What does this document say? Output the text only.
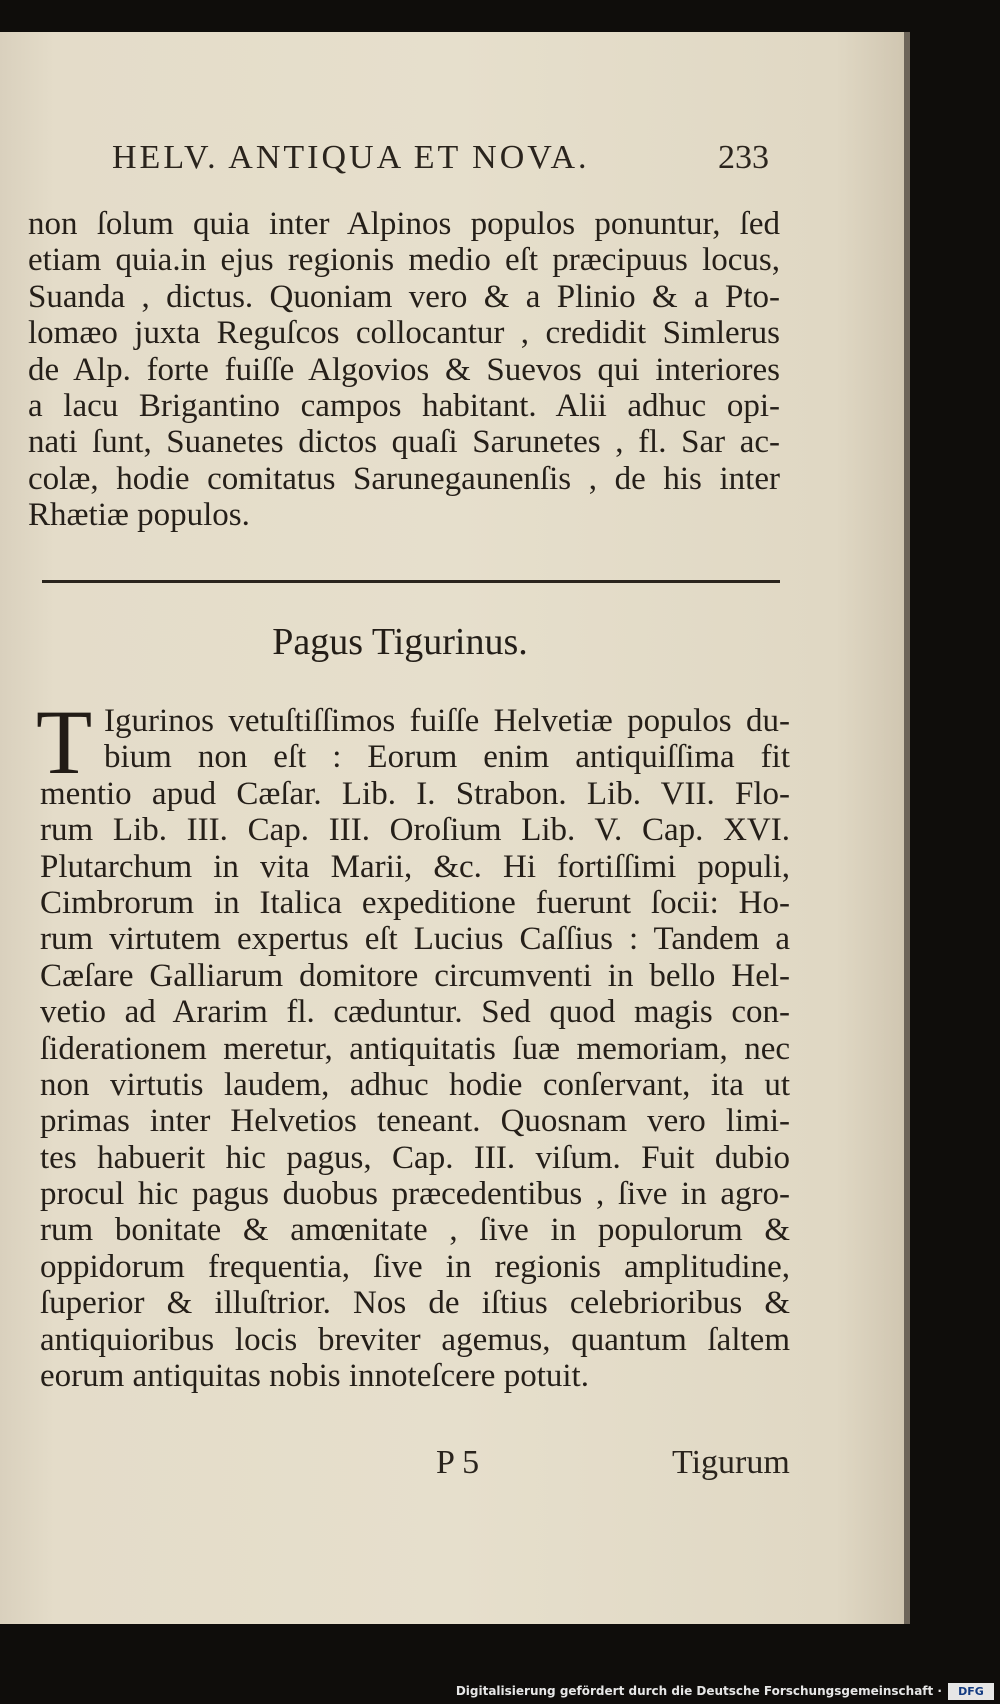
HELV. ANTIQUA ET NOVA.	233
non ſolum quia inter Alpinos populos ponuntur, ſed
etiam quia.in ejus regionis medio eſt præcipuus locus,
Suanda , dictus. Quoniam vero & a Plinio & a Pto-
lomæo juxta Reguſcos collocantur , credidit Simlerus
de Alp. forte fuiſſe Algovios & Suevos qui interiores
a lacu Brigantino campos habitant. Alii adhuc opi-
nati ſunt, Suanetes dictos quaſi Sarunetes , fl. Sar ac-
colæ, hodie comitatus Sarunegaunenſis , de his inter
Rhætiæ populos.
Pagus Tigurinus.
T Igurinos vetuſtiſſimos fuiſſe Helvetiæ populos du-
bium non eſt : Eorum enim antiquiſſima fit
mentio apud Cæſar. Lib. I. Strabon. Lib. VII. Flo-
rum Lib. III. Cap. III. Oroſium Lib. V. Cap. XVI.
Plutarchum in vita Marii, &c. Hi fortiſſimi populi,
Cimbrorum in Italica expeditione fuerunt ſocii: Ho-
rum virtutem expertus eſt Lucius Caſſius : Tandem a
Cæſare Galliarum domitore circumventi in bello Hel-
vetio ad Ararim fl. cæduntur. Sed quod magis con-
ſiderationem meretur, antiquitatis ſuæ memoriam, nec
non virtutis laudem, adhuc hodie conſervant, ita ut
primas inter Helvetios teneant. Quosnam vero limi-
tes habuerit hic pagus, Cap. III. viſum. Fuit dubio
procul hic pagus duobus præcedentibus , ſive in agro-
rum bonitate & amœnitate , ſive in populorum &
oppidorum frequentia, ſive in regionis amplitudine,
ſuperior & illuſtrior. Nos de iſtius celebrioribus &
antiquioribus locis breviter agemus, quantum ſaltem
eorum antiquitas nobis innoteſcere potuit.
P 5	Tigurum
Digitalisierung gefördert durch die Deutsche Forschungsgemeinschaft ·	DFG
